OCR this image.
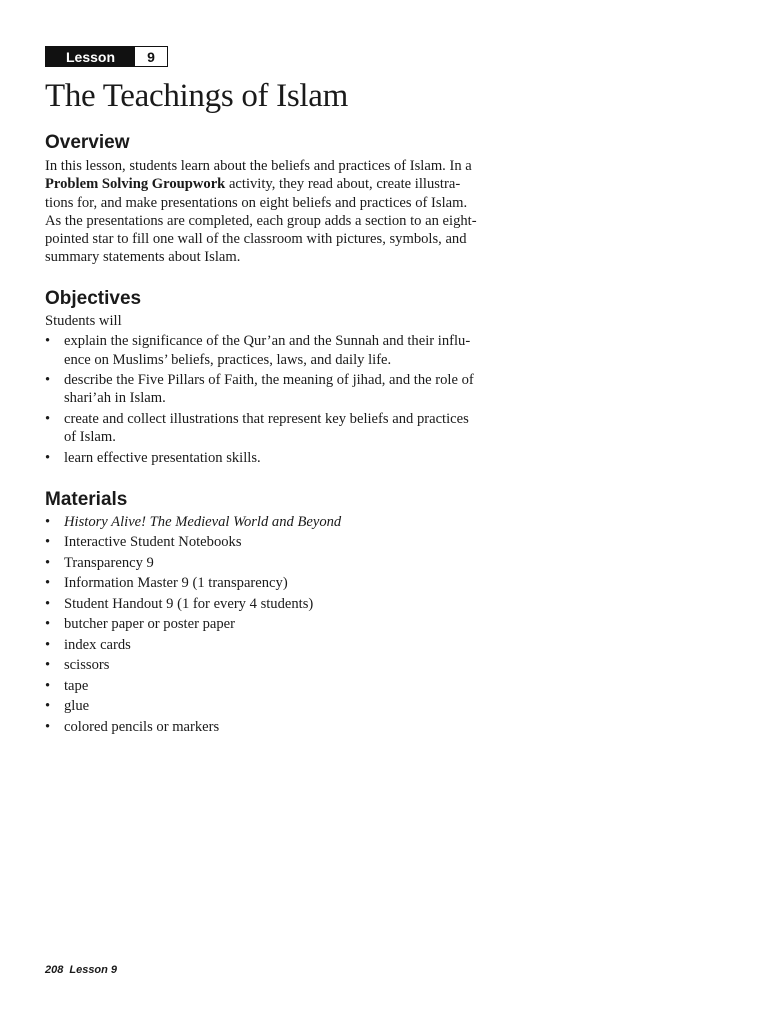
Lesson	9
The Teachings of Islam
Overview
In this lesson, students learn about the beliefs and practices of Islam. In a
Problem Solving Groupwork activity, they read about, create illustra-
tions for, and make presentations on eight beliefs and practices of Islam.
As the presentations are completed, each group adds a section to an eight-
pointed star to fill one wall of the classroom with pictures, symbols, and
summary statements about Islam.
Objectives
Students will
• explain the significance of the Qur’an and the Sunnah and their influ-
ence on Muslims’ beliefs, practices, laws, and daily life.
• describe the Five Pillars of Faith, the meaning of jihad, and the role of
shari’ah in Islam.
• create and collect illustrations that represent key beliefs and practices
of Islam.
• learn effective presentation skills.
Materials
• History Alive! The Medieval World and Beyond
• Interactive Student Notebooks
• Transparency 9
• Information Master 9 (1 transparency)
• Student Handout 9 (1 for every 4 students)
• butcher paper or poster paper
• index cards
• scissors
• tape
• glue
• colored pencils or markers
208 Lesson 9
